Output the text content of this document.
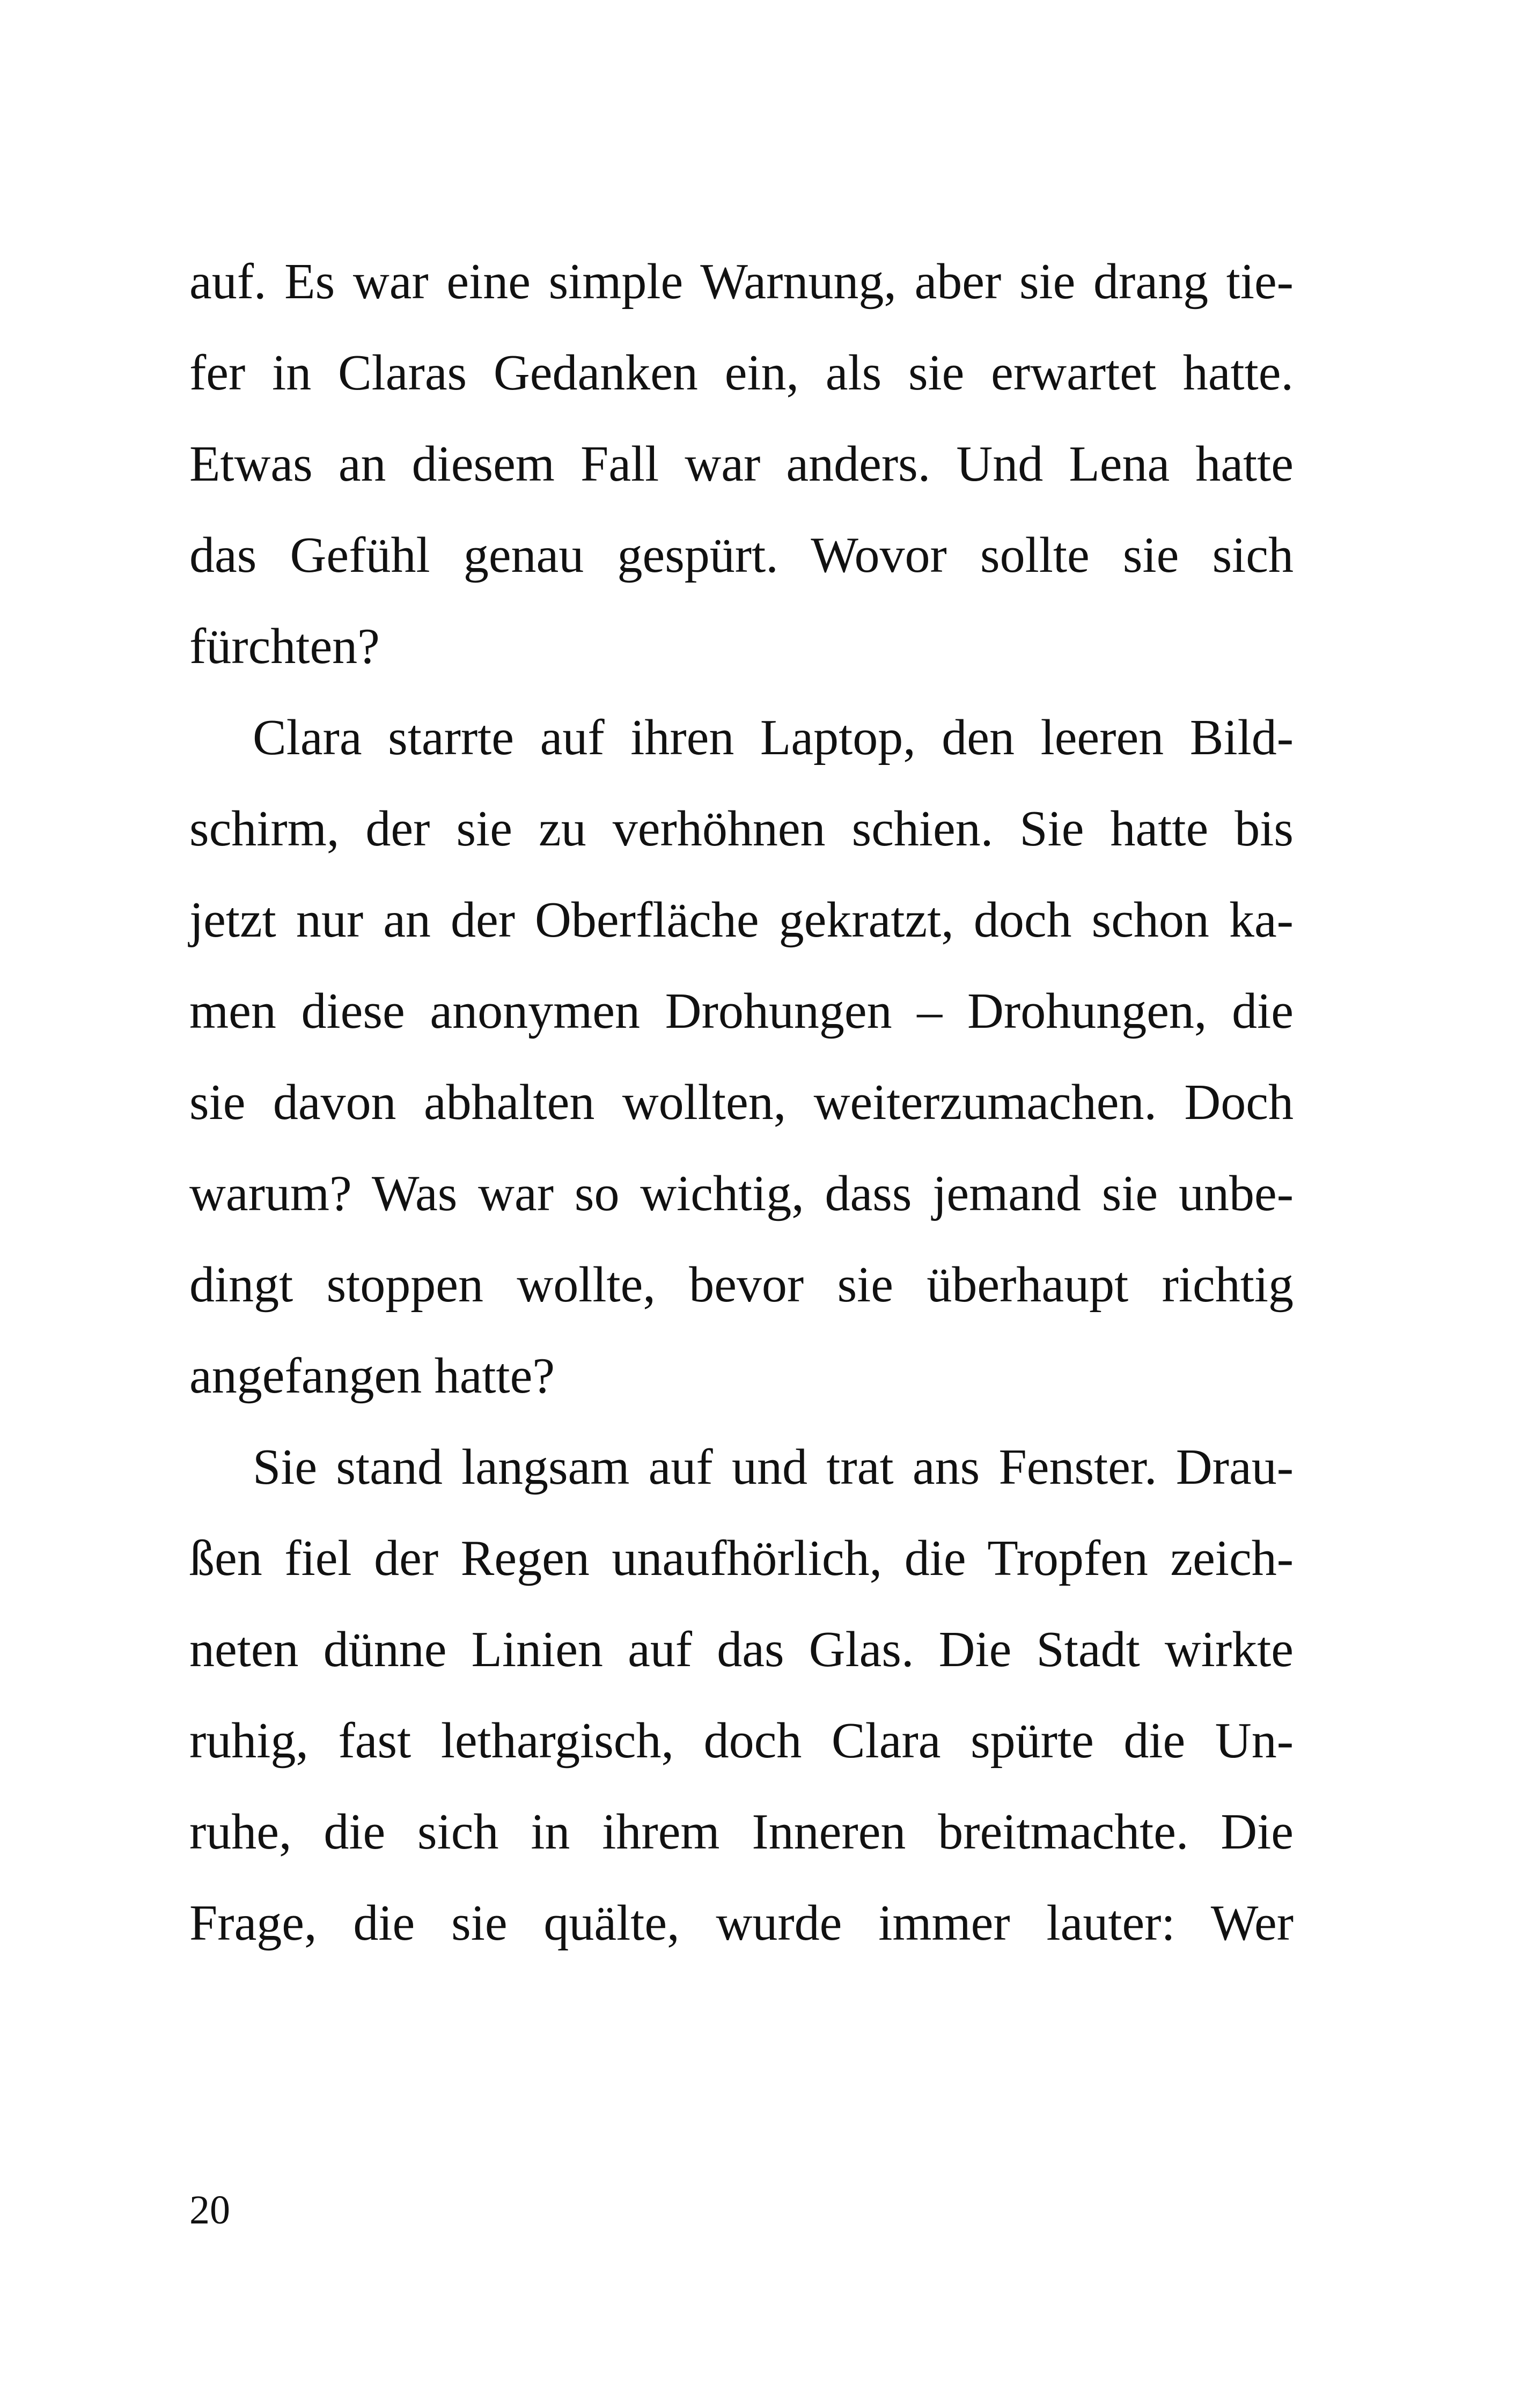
auf. Es war eine simple Warnung, aber sie drang tie-
fer in Claras Gedanken ein, als sie erwartet hatte.
Etwas an diesem Fall war anders. Und Lena hatte
das Gefühl genau gespürt. Wovor sollte sie sich
fürchten?
Clara starrte auf ihren Laptop, den leeren Bild-
schirm, der sie zu verhöhnen schien. Sie hatte bis
jetzt nur an der Oberfläche gekratzt, doch schon ka-
men diese anonymen Drohungen – Drohungen, die
sie davon abhalten wollten, weiterzumachen. Doch
warum? Was war so wichtig, dass jemand sie unbe-
dingt stoppen wollte, bevor sie überhaupt richtig
angefangen hatte?
Sie stand langsam auf und trat ans Fenster. Drau-
ßen fiel der Regen unaufhörlich, die Tropfen zeich-
neten dünne Linien auf das Glas. Die Stadt wirkte
ruhig, fast lethargisch, doch Clara spürte die Un-
ruhe, die sich in ihrem Inneren breitmachte. Die
Frage, die sie quälte, wurde immer lauter: Wer
20
